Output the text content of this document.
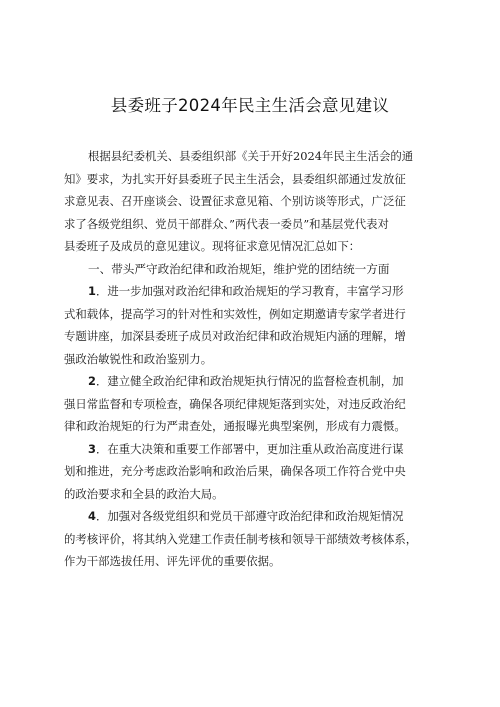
县委班子2024年民主生活会意见建议
根据县纪委机关、县委组织部《关于开好2024年民主生活会的通
知》要求，为扎实开好县委班子民主生活会，县委组织部通过发放征
求意见表、召开座谈会、设置征求意见箱、个别访谈等形式，广泛征
求了各级党组织、党员干部群众、”两代表一委员”和基层党代表对
县委班子及成员的意见建议。现将征求意见情况汇总如下：
一、带头严守政治纪律和政治规矩，维护党的团结统一方面
1．进一步加强对政治纪律和政治规矩的学习教育，丰富学习形
式和载体，提高学习的针对性和实效性，例如定期邀请专家学者进行
专题讲座，加深县委班子成员对政治纪律和政治规矩内涵的理解，增
强政治敏锐性和政治鉴别力。
2．建立健全政治纪律和政治规矩执行情况的监督检查机制，加
强日常监督和专项检查，确保各项纪律规矩落到实处，对违反政治纪
律和政治规矩的行为严肃查处，通报曝光典型案例，形成有力震慑。
3．在重大决策和重要工作部署中，更加注重从政治高度进行谋
划和推进，充分考虑政治影响和政治后果，确保各项工作符合党中央
的政治要求和全县的政治大局。
4．加强对各级党组织和党员干部遵守政治纪律和政治规矩情况
的考核评价，将其纳入党建工作责任制考核和领导干部绩效考核体系，
作为干部选拔任用、评先评优的重要依据。
